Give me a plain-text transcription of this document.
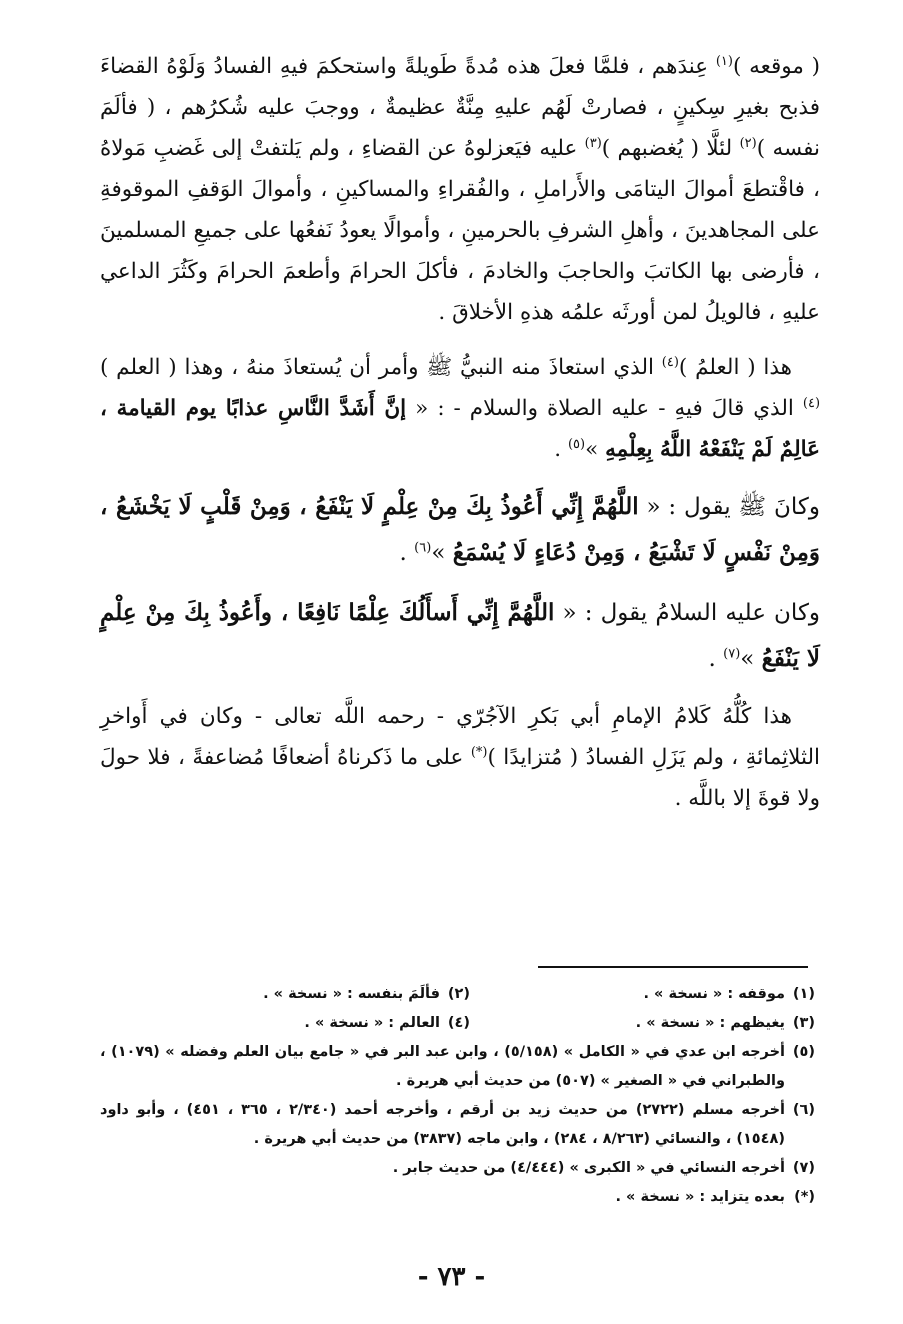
( موقعه )$^{(١)}$ عِندَهم ، فلمَّا فعلَ هذه مُدةً طَويلةً واستحكمَ فيهِ الفسادُ وَلَوْهُ القضاءَ فذبح بغيرِ سِكينٍ ، فصارتْ لَهُم عليهِ مِنَّةٌ عظيمةٌ ، ووجبَ عليه شُكرُهم ، ( فألَمَ نفسه )$^{(٢)}$ لئلَّا ( يُغضبهم )$^{(٣)}$ عليه فيَعزلوهُ عن القضاءِ ، ولم يَلتفتْ إلى غَضبِ مَولاهُ ، فاقْتطعَ أموالَ اليتامَى والأَراملِ ، والفُقراءِ والمساكينِ ، وأموالَ الوَقفِ الموقوفةِ على المجاهدينَ ، وأهلِ الشرفِ بالحرمينِ ، وأموالًا يعودُ نَفعُها على جميعِ المسلمينَ ، فأرضى بها الكاتبَ والحاجبَ والخادمَ ، فأكلَ الحرامَ وأطعمَ الحرامَ وكَثُرَ الداعي عليهِ ، فالويلُ لمن أورثَه علمُه هذهِ الأخلاقَ .

هذا ( العلمُ )$^{(٤)}$ الذي استعاذَ منه النبيُّ ﷺ وأمر أن يُستعاذَ منهُ ، وهذا ( العلم )$^{(٤)}$ الذي قالَ فيهِ - عليه الصلاة والسلام - : « إنَّ أَشَدَّ النَّاسِ عذابًا يوم القيامة ، عَالِمٌ لَمْ يَنْفَعْهُ اللَّهُ بِعِلْمِهِ »$^{(٥)}$ .

وكانَ ﷺ يقول : « اللَّهُمَّ إِنِّي أَعُوذُ بِكَ مِنْ عِلْمٍ لَا يَنْفَعُ ، وَمِنْ قَلْبٍ لَا يَخْشَعُ ، وَمِنْ نَفْسٍ لَا تَشْبَعُ ، وَمِنْ دُعَاءٍ لَا يُسْمَعُ »$^{(٦)}$ .

وكان عليه السلامُ يقول : « اللَّهُمَّ إِنِّي أَسأَلُكَ عِلْمًا نَافِعًا ، وأَعُوذُ بِكَ مِنْ عِلْمٍ لَا يَنْفَعُ »$^{(٧)}$ .

هذا كُلُّهُ كَلامُ الإمامِ أبي بَكرِ الآجُرّي - رحمه اللَّه تعالى - وكان في أَواخرِ الثلاثِمائةِ ، ولم يَزَلِ الفسادُ ( مُتزايدًا )(*) على ما ذَكرناهُ أضعافًا مُضاعفةً ، فلا حولَ ولا قوةَ إلا باللَّه .

(١)
موقفه : « نسخة » .
(٢)
فألَمَ بنفسه : « نسخة » .
(٣)
يغيظهم : « نسخة » .
(٤)
العالم : « نسخة » .
(٥)
أخرجه ابن عدي في « الكامل » (٥/١٥٨) ، وابن عبد البر في « جامع بيان العلم وفضله » (١٠٧٩) ، والطبراني في « الصغير » (٥٠٧) من حديث أبي هريرة .
(٦)
أخرجه مسلم (٢٧٢٢) من حديث زيد بن أرقم ، وأخرجه أحمد (٢/٣٤٠ ، ٣٦٥ ، ٤٥١) ، وأبو داود (١٥٤٨) ، والنسائي (٨/٢٦٣ ، ٢٨٤) ، وابن ماجه (٣٨٣٧) من حديث أبي هريرة .
(٧)
أخرجه النسائي في « الكبرى » (٤/٤٤٤) من حديث جابر .
(*)
بعده يتزايد : « نسخة » .
- ٧٣ -
